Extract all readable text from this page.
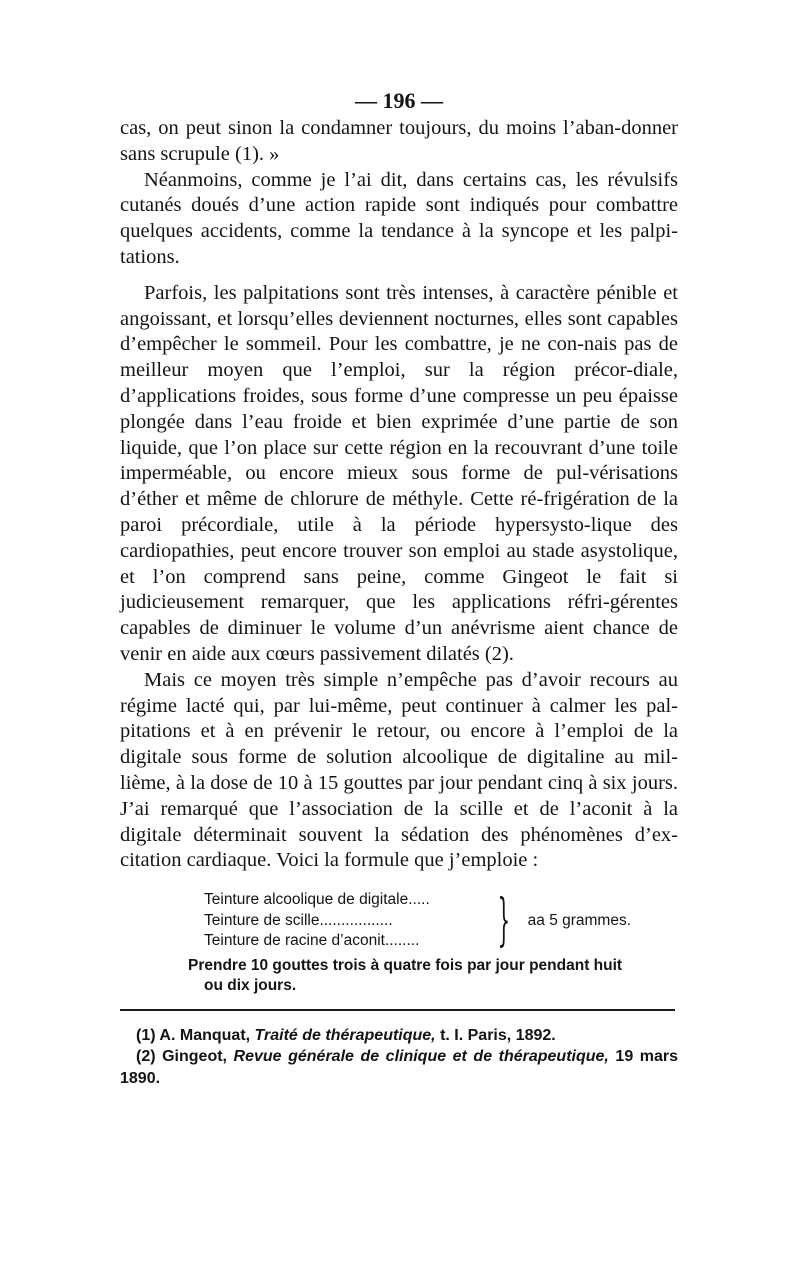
— 196 —

cas, on peut sinon la condamner toujours, du moins l’aban-donner sans scrupule (1). »

Néanmoins, comme je l’ai dit, dans certains cas, les révulsifs cutanés doués d’une action rapide sont indiqués pour combattre quelques accidents, comme la tendance à la syncope et les palpi-tations.

Parfois, les palpitations sont très intenses, à caractère pénible et angoissant, et lorsqu’elles deviennent nocturnes, elles sont capables d’empêcher le sommeil. Pour les combattre, je ne con-nais pas de meilleur moyen que l’emploi, sur la région précor-diale, d’applications froides, sous forme d’une compresse un peu épaisse plongée dans l’eau froide et bien exprimée d’une partie de son liquide, que l’on place sur cette région en la recouvrant d’une toile imperméable, ou encore mieux sous forme de pul-vérisations d’éther et même de chlorure de méthyle. Cette ré-frigération de la paroi précordiale, utile à la période hypersysto-lique des cardiopathies, peut encore trouver son emploi au stade asystolique, et l’on comprend sans peine, comme Gingeot le fait si judicieusement remarquer, que les applications réfri-gérentes capables de diminuer le volume d’un anévrisme aient chance de venir en aide aux cœurs passivement dilatés (2).

Mais ce moyen très simple n’empêche pas d’avoir recours au régime lacté qui, par lui-même, peut continuer à calmer les pal-pitations et à en prévenir le retour, ou encore à l’emploi de la digitale sous forme de solution alcoolique de digitaline au mil-lième, à la dose de 10 à 15 gouttes par jour pendant cinq à six jours. J’ai remarqué que l’association de la scille et de l’aconit à la digitale déterminait souvent la sédation des phénomènes d’ex-citation cardiaque. Voici la formule que j’emploie :

Teinture alcoolique de digitale.....
Teinture de scille.................
Teinture de racine d’aconit........	} aa 5 grammes.
Prendre 10 gouttes trois à quatre fois par jour pendant huit
ou dix jours.
(1) A. Manquat, Traité de thérapeutique, t. I. Paris, 1892.
(2) Gingeot, Revue générale de clinique et de thérapeutique, 19 mars 1890.
